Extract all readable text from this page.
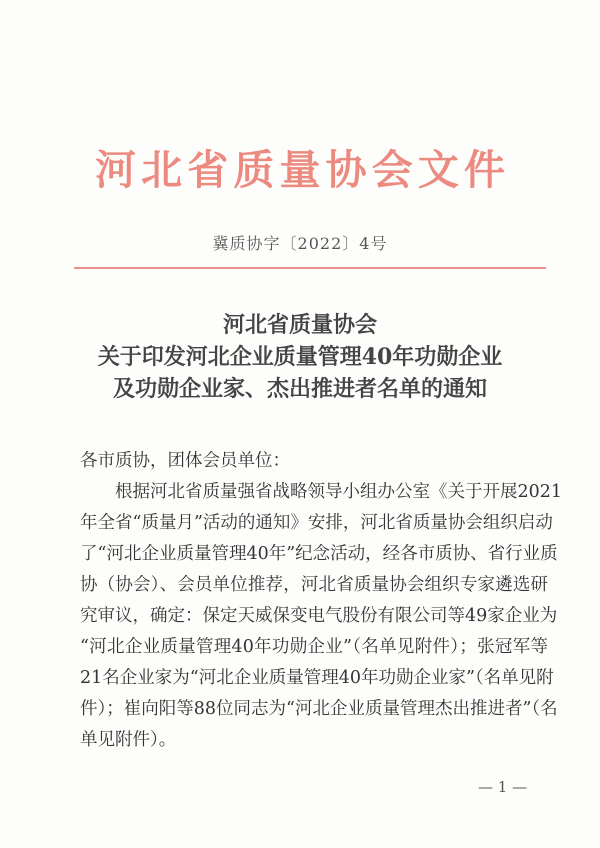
河北省质量协会文件
冀质协字〔2022〕4号
河北省质量协会
关于印发河北企业质量管理40年功勋企业
及功勋企业家、杰出推进者名单的通知
各市质协，团体会员单位：
　　根据河北省质量强省战略领导小组办公室《关于开展2021
年全省“质量月”活动的通知》安排，河北省质量协会组织启动
了“河北企业质量管理40年”纪念活动，经各市质协、省行业质
协（协会）、会员单位推荐，河北省质量协会组织专家遴选研
究审议，确定：保定天威保变电气股份有限公司等49家企业为
“河北企业质量管理40年功勋企业”（名单见附件）；张冠军等
21名企业家为“河北企业质量管理40年功勋企业家”（名单见附
件）；崔向阳等88位同志为“河北企业质量管理杰出推进者”（名
单见附件）。
— 1 —
